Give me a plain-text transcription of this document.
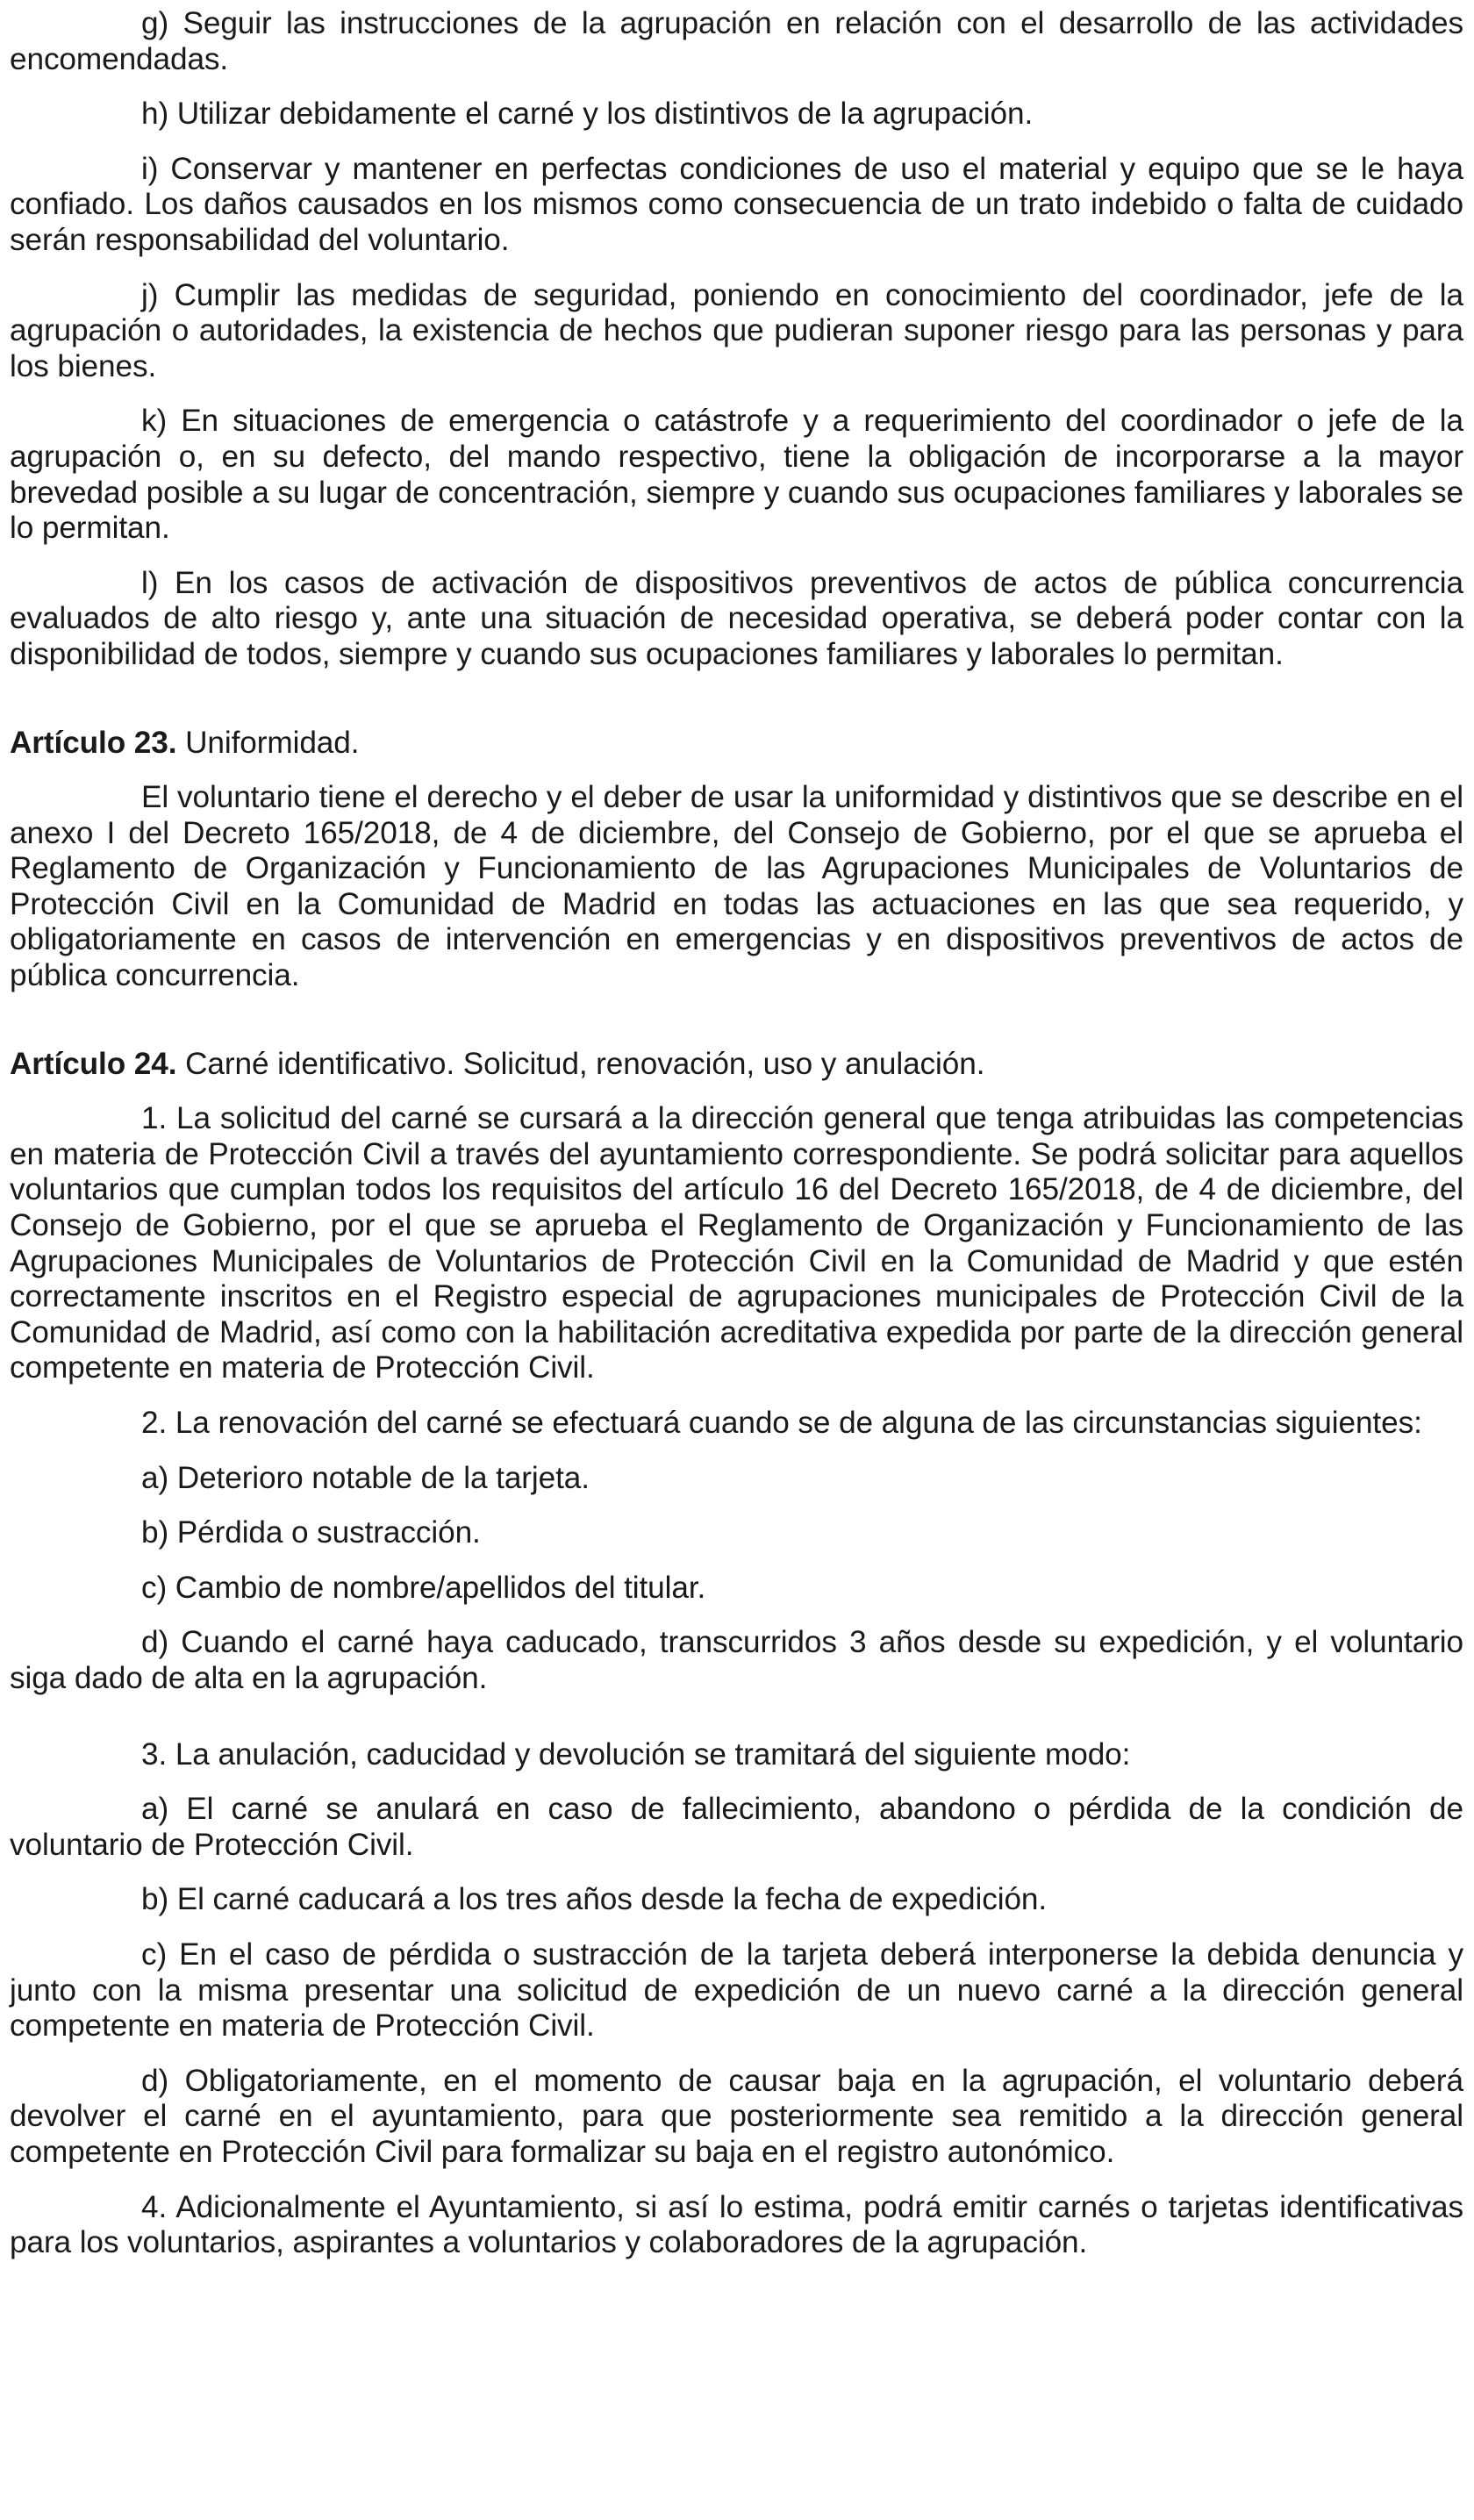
g) Seguir las instrucciones de la agrupación en relación con el desarrollo de las actividades encomendadas.

h) Utilizar debidamente el carné y los distintivos de la agrupación.

i) Conservar y mantener en perfectas condiciones de uso el material y equipo que se le haya confiado. Los daños causados en los mismos como consecuencia de un trato indebido o falta de cuidado serán responsabilidad del voluntario.

j) Cumplir las medidas de seguridad, poniendo en conocimiento del coordinador, jefe de la agrupación o autoridades, la existencia de hechos que pudieran suponer riesgo para las personas y para los bienes.

k) En situaciones de emergencia o catástrofe y a requerimiento del coordinador o jefe de la agrupación o, en su defecto, del mando respectivo, tiene la obligación de incorporarse a la mayor brevedad posible a su lugar de concentración, siempre y cuando sus ocupaciones familiares y laborales se lo permitan.

l) En los casos de activación de dispositivos preventivos de actos de pública concurrencia evaluados de alto riesgo y, ante una situación de necesidad operativa, se deberá poder contar con la disponibilidad de todos, siempre y cuando sus ocupaciones familiares y laborales lo permitan.

Artículo 23. Uniformidad.

El voluntario tiene el derecho y el deber de usar la uniformidad y distintivos que se describe en el anexo I del Decreto 165/2018, de 4 de diciembre, del Consejo de Gobierno, por el que se aprueba el Reglamento de Organización y Funcionamiento de las Agrupaciones Municipales de Voluntarios de Protección Civil en la Comunidad de Madrid en todas las actuaciones en las que sea requerido, y obligatoriamente en casos de intervención en emergencias y en dispositivos preventivos de actos de pública concurrencia.

Artículo 24. Carné identificativo. Solicitud, renovación, uso y anulación.

1. La solicitud del carné se cursará a la dirección general que tenga atribuidas las competencias en materia de Protección Civil a través del ayuntamiento correspondiente. Se podrá solicitar para aquellos voluntarios que cumplan todos los requisitos del artículo 16 del Decreto 165/2018, de 4 de diciembre, del Consejo de Gobierno, por el que se aprueba el Reglamento de Organización y Funcionamiento de las Agrupaciones Municipales de Voluntarios de Protección Civil en la Comunidad de Madrid y que estén correctamente inscritos en el Registro especial de agrupaciones municipales de Protección Civil de la Comunidad de Madrid, así como con la habilitación acreditativa expedida por parte de la dirección general competente en materia de Protección Civil.

2. La renovación del carné se efectuará cuando se de alguna de las circunstancias siguientes:

a) Deterioro notable de la tarjeta.

b) Pérdida o sustracción.

c) Cambio de nombre/apellidos del titular.

d) Cuando el carné haya caducado, transcurridos 3 años desde su expedición, y el voluntario siga dado de alta en la agrupación.

3. La anulación, caducidad y devolución se tramitará del siguiente modo:

a) El carné se anulará en caso de fallecimiento, abandono o pérdida de la condición de voluntario de Protección Civil.

b) El carné caducará a los tres años desde la fecha de expedición.

c) En el caso de pérdida o sustracción de la tarjeta deberá interponerse la debida denuncia y junto con la misma presentar una solicitud de expedición de un nuevo carné a la dirección general competente en materia de Protección Civil.

d) Obligatoriamente, en el momento de causar baja en la agrupación, el voluntario deberá devolver el carné en el ayuntamiento, para que posteriormente sea remitido a la dirección general competente en Protección Civil para formalizar su baja en el registro autonómico.

4. Adicionalmente el Ayuntamiento, si así lo estima, podrá emitir carnés o tarjetas identificativas para los voluntarios, aspirantes a voluntarios y colaboradores de la agrupación.
